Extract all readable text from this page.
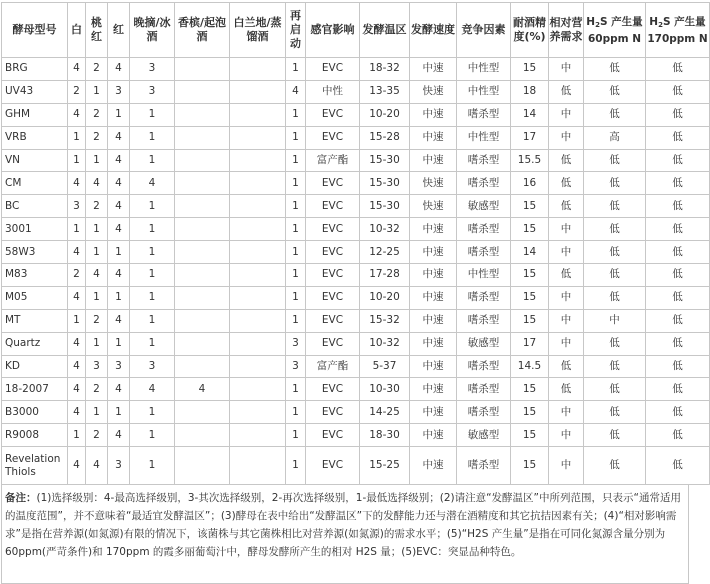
酵母型号	白	桃红	红	晚摘/冰酒	香槟/起泡酒	白兰地/蒸馏酒	再启动	感官影响	发酵温区	发酵速度	竞争因素	耐酒精度(%)	相对营养需求	$H_2S$ 产生量 60ppm N	$H_2S$ 产生量 170ppm N
BRG	4	2	4	3			1	EVC	18-32	中速	中性型	15	中	低	低
UV43	2	1	3	3			4	中性	13-35	快速	中性型	18	低	低	低
GHM	4	2	1	1			1	EVC	10-20	中速	嗜杀型	14	中	低	低
VRB	1	2	4	1			1	EVC	15-28	中速	中性型	17	中	高	低
VN	1	1	4	1			1	富产酯	15-30	中速	嗜杀型	15.5	低	低	低
CM	4	4	4	4			1	EVC	15-30	快速	嗜杀型	16	低	低	低
BC	3	2	4	1			1	EVC	15-30	快速	敏感型	15	低	低	低
3001	1	1	4	1			1	EVC	10-32	中速	嗜杀型	15	中	低	低
58W3	4	1	1	1			1	EVC	12-25	中速	嗜杀型	14	中	低	低
M83	2	4	4	1			1	EVC	17-28	中速	中性型	15	低	低	低
M05	4	1	1	1			1	EVC	10-20	中速	嗜杀型	15	中	低	低
MT	1	2	4	1			1	EVC	15-32	中速	嗜杀型	15	中	中	低
Quartz	4	1	1	1			3	EVC	10-32	中速	敏感型	17	中	低	低
KD	4	3	3	3			3	富产酯	5-37	中速	嗜杀型	14.5	低	低	低
18-2007	4	2	4	4	4		1	EVC	10-30	中速	嗜杀型	15	低	低	低
B3000	4	1	1	1			1	EVC	14-25	中速	嗜杀型	15	中	低	低
R9008	1	2	4	1			1	EVC	18-30	中速	敏感型	15	中	低	低
Revelation Thiols	4	4	3	1			1	EVC	15-25	中速	嗜杀型	15	中	低	低
备注：(1)选择级别：4-最高选择级别，3-其次选择级别，2-再次选择级别，1-最低选择级别；(2)请注意“发酵温区”中所列范围，只表示“通常适用的温度范围”，并不意味着“最适宜发酵温区”；(3)酵母在表中给出“发酵温区”下的发酵能力还与潜在酒精度和其它抗拮因素有关；(4)“相对影响需求”是指在营养源(如氮源)有限的情况下，该菌株与其它菌株相比对营养源(如氮源)的需求水平；(5)“H2S 产生量”是指在可同化氮源含量分别为 60ppm(严苛条件)和 170ppm 的霞多丽葡萄汁中，酵母发酵所产生的相对 H2S 量；(5)EVC：突显品种特色。
